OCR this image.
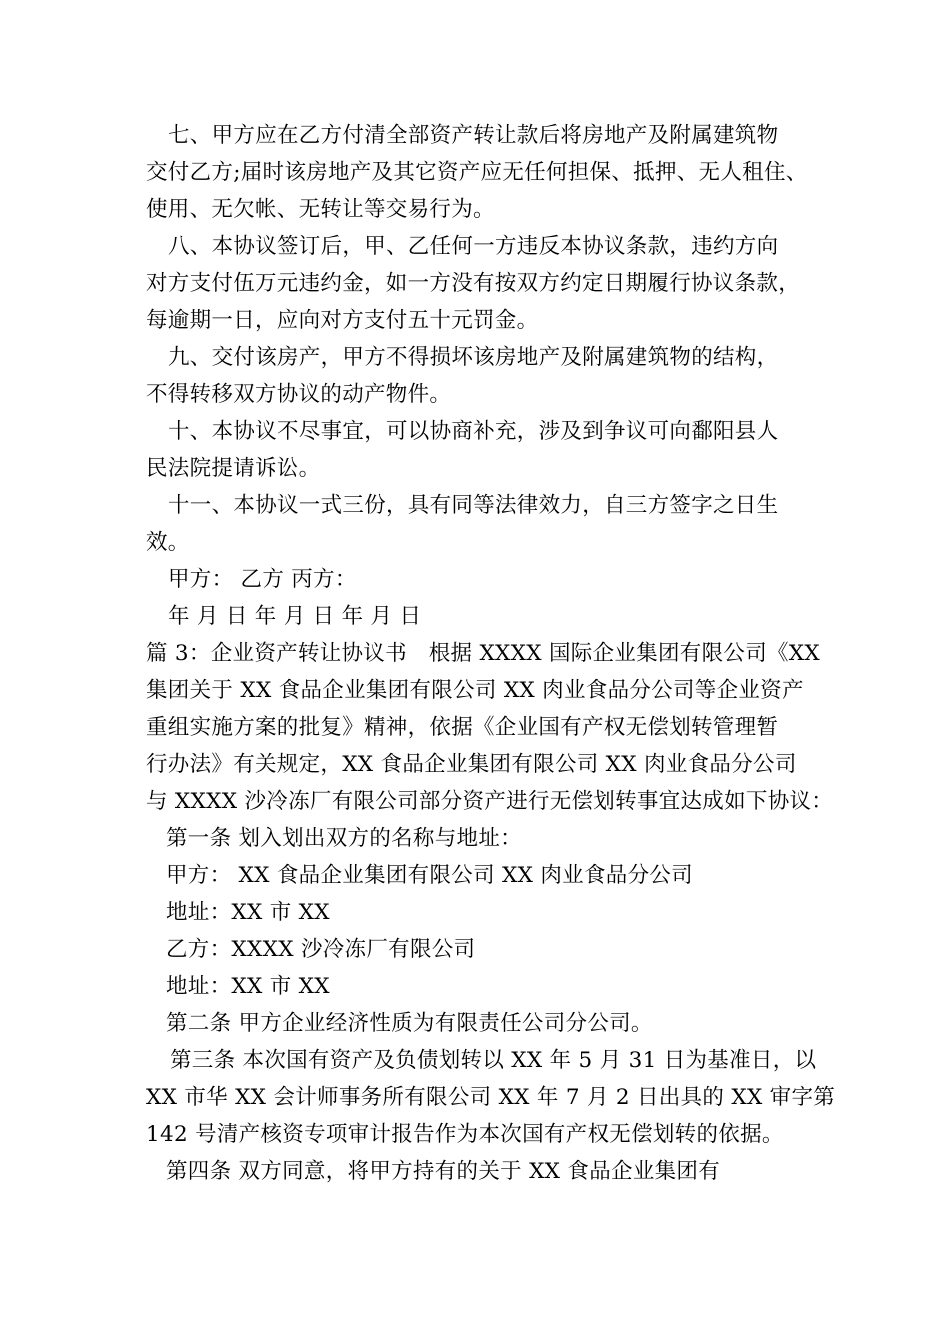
七、甲方应在乙方付清全部资产转让款后将房地产及附属建筑物
交付乙方;届时该房地产及其它资产应无任何担保、抵押、无人租住、
使用、无欠帐、无转让等交易行为。
八、本协议签订后，甲、乙任何一方违反本协议条款，违约方向
对方支付伍万元违约金，如一方没有按双方约定日期履行协议条款，
每逾期一日，应向对方支付五十元罚金。
九、交付该房产，甲方不得损坏该房地产及附属建筑物的结构，
不得转移双方协议的动产物件。
十、本协议不尽事宜，可以协商补充，涉及到争议可向鄱阳县人
民法院提请诉讼。
十一、本协议一式三份，具有同等法律效力，自三方签字之日生
效。
甲方： 乙方 丙方：
年 月 日 年 月 日 年 月 日
篇 3：企业资产转让协议书　根据 XXXX 国际企业集团有限公司《XX
集团关于 XX 食品企业集团有限公司 XX 肉业食品分公司等企业资产
重组实施方案的批复》精神，依据《企业国有产权无偿划转管理暂
行办法》有关规定，XX 食品企业集团有限公司 XX 肉业食品分公司
与 XXXX 沙冷冻厂有限公司部分资产进行无偿划转事宜达成如下协议：
第一条 划入划出双方的名称与地址：
甲方： XX 食品企业集团有限公司 XX 肉业食品分公司
地址：XX 市 XX
乙方：XXXX 沙冷冻厂有限公司
地址：XX 市 XX
第二条 甲方企业经济性质为有限责任公司分公司。
第三条 本次国有资产及负债划转以 XX 年 5 月 31 日为基准日，以
XX 市华 XX 会计师事务所有限公司 XX 年 7 月 2 日出具的 XX 审字第
142 号清产核资专项审计报告作为本次国有产权无偿划转的依据。
第四条 双方同意，将甲方持有的关于 XX 食品企业集团有
